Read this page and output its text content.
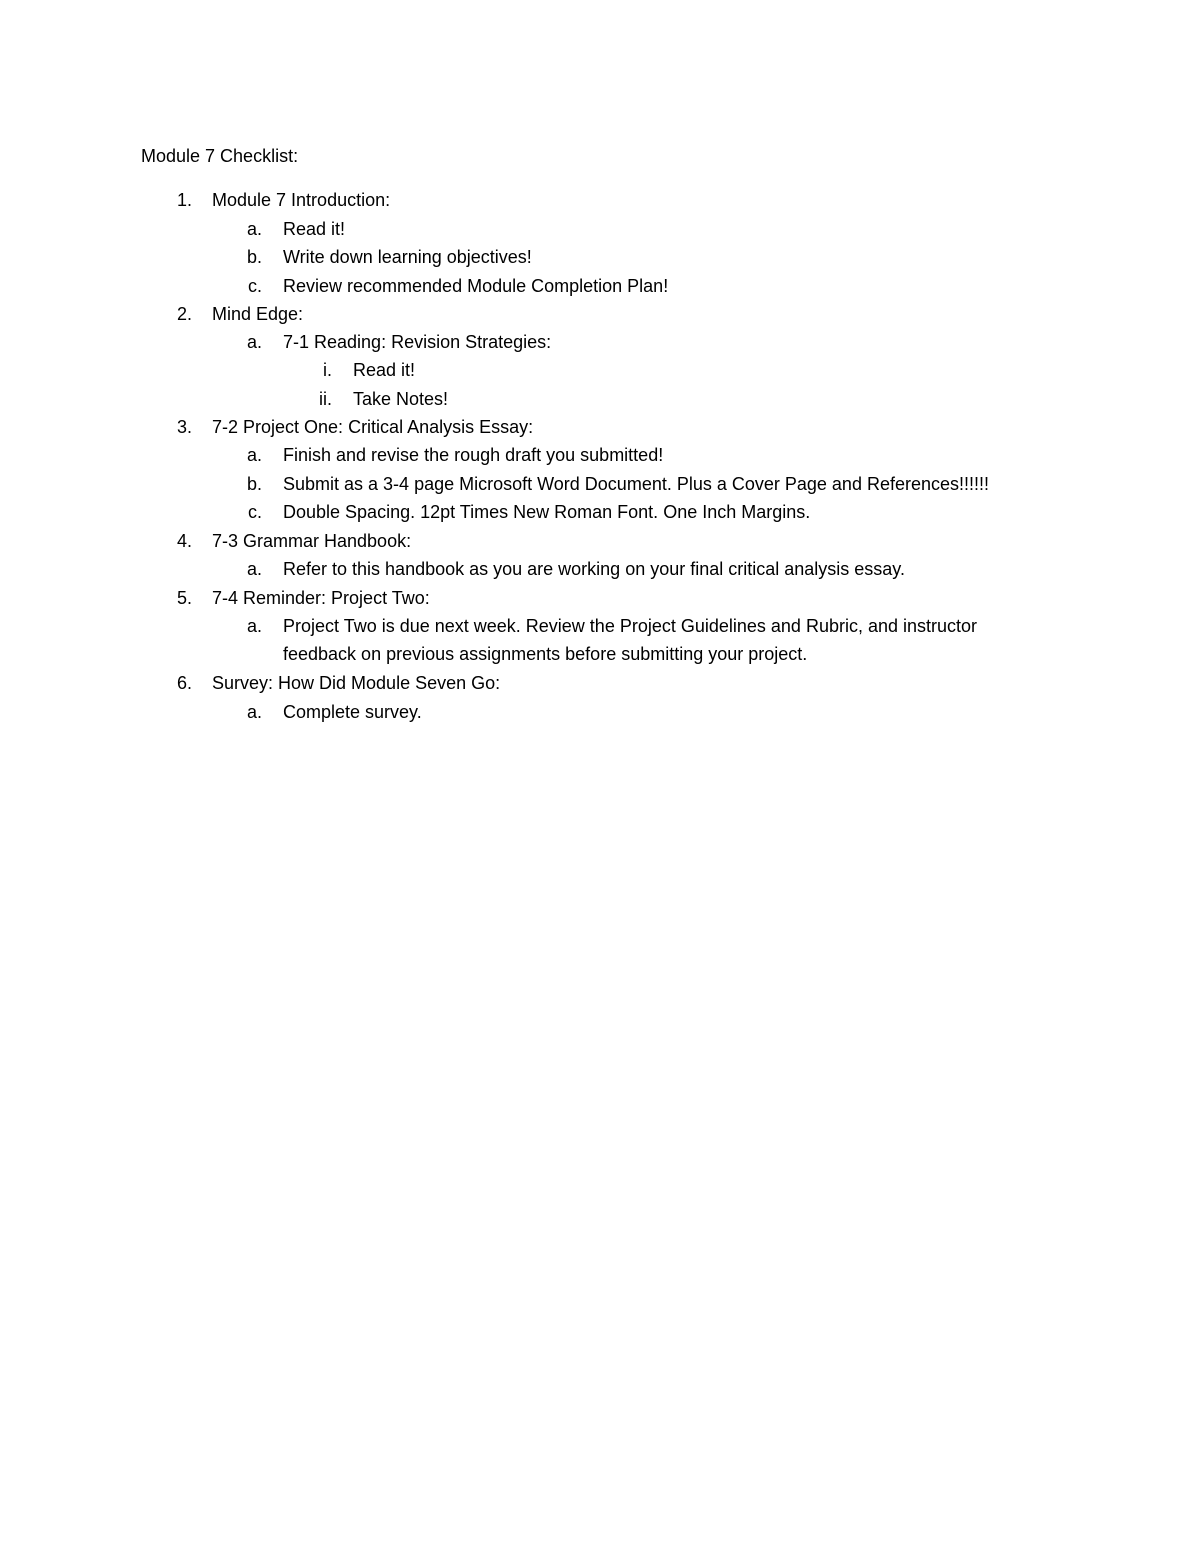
Module 7 Checklist:
1. Module 7 Introduction:
a. Read it!
b. Write down learning objectives!
c. Review recommended Module Completion Plan!
2. Mind Edge:
a. 7-1 Reading: Revision Strategies:
i. Read it!
ii. Take Notes!
3. 7-2 Project One: Critical Analysis Essay:
a. Finish and revise the rough draft you submitted!
b. Submit as a 3-4 page Microsoft Word Document. Plus a Cover Page and References!!!!!!
c. Double Spacing. 12pt Times New Roman Font. One Inch Margins.
4. 7-3 Grammar Handbook:
a. Refer to this handbook as you are working on your final critical analysis essay.
5. 7-4 Reminder: Project Two:
a. Project Two is due next week. Review the Project Guidelines and Rubric, and instructor
feedback on previous assignments before submitting your project.
6. Survey: How Did Module Seven Go:
a. Complete survey.
